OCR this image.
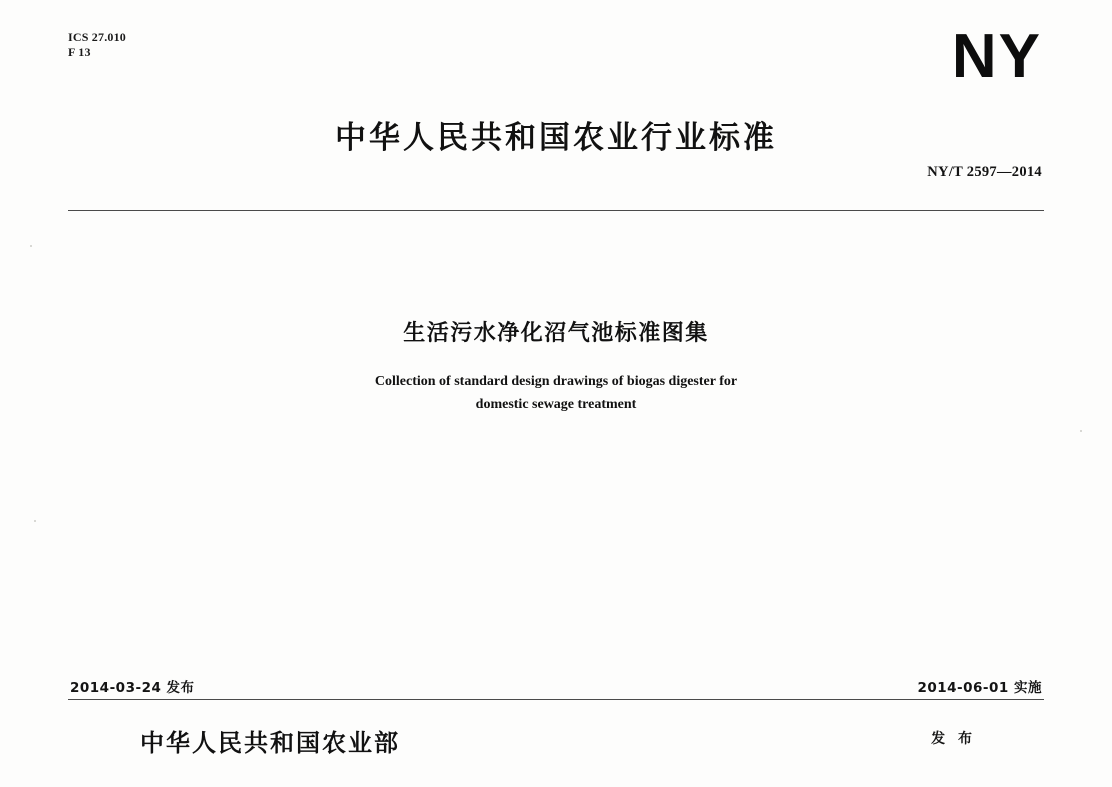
ICS 27.010
F 13	NY
中华人民共和国农业行业标准
NY/T 2597—2014
生活污水净化沼气池标准图集
Collection of standard design drawings of biogas digester for
domestic sewage treatment
2014-03-24 发布	2014-06-01 实施
中华人民共和国农业部	发 布
